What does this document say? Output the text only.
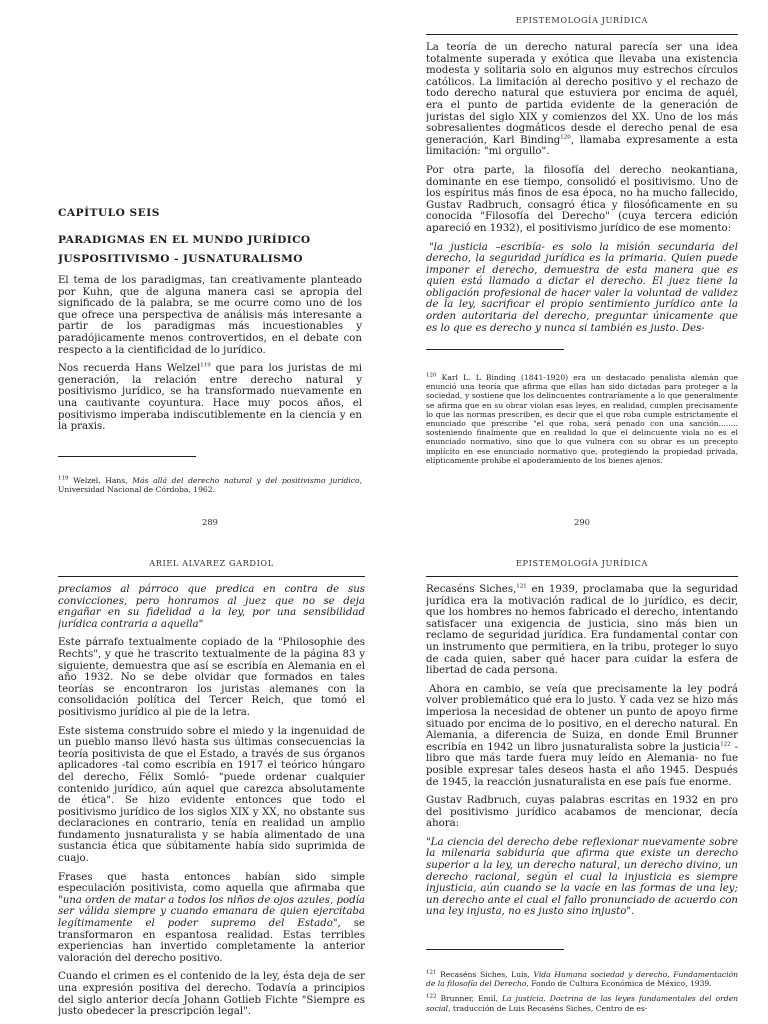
CAPÍTULO SEIS

PARADIGMAS EN EL MUNDO JURÍDICO

JUSPOSITIVISMO - JUSNATURALISMO

El tema de los paradigmas, tan creativamente planteado por Kuhn, que de alguna manera casi se apropia del significado de la palabra, se me ocurre como uno de los que ofrece una perspectiva de análisis más interesante a partir de los paradigmas más incuestionables y paradójicamente menos controvertidos, en el debate con respecto a la cientificidad de lo jurídico.

Nos recuerda Hans Welzel$^{119}$ que para los juristas de mi generación, la relación entre derecho natural y positivismo jurídico, se ha transformado nuevamente en una cautivante coyuntura. Hace muy pocos años, el positivismo imperaba indiscutiblemente en la ciencia y en la praxis.

$^{119}$ Welzel, Hans, Más allá del derecho natural y del positivismo jurídico, Universidad Nacional de Córdoba, 1962.

289
EPISTEMOLOGÍA JURÍDICA

La teoría de un derecho natural parecía ser una idea totalmente superada y exótica que llevaba una existencia modesta y solitaria solo en algunos muy estrechos círculos católicos. La limitación al derecho positivo y el rechazo de todo derecho natural que estuviera por encima de aquél, era el punto de partida evidente de la generación de juristas del siglo XIX y comienzos del XX. Uno de los más sobresalientes dogmáticos desde el derecho penal de esa generación, Karl Binding$^{120}$, llamaba expresamente a esta limitación: "mi orgullo".

Por otra parte, la filosofía del derecho neokantiana, dominante en ese tiempo, consolidó el positivismo. Uno de los espíritus más finos de esa época, no ha mucho fallecido, Gustav Radbruch, consagró ética y filosóficamente en su conocida "Filosofía del Derecho" (cuya tercera edición apareció en 1932), el positivismo jurídico de ese momento:

"la justicia –escribía- es solo la misión secundaria del derecho, la seguridad jurídica es la primaria. Quien puede imponer el derecho, demuestra de esta manera que es quien está llamado a dictar el derecho. El juez tiene la obligación profesional de hacer valer la voluntad de validez de la ley, sacrificar el propio sentimiento jurídico ante la orden autoritaria del derecho, preguntar únicamente que es lo que es derecho y nunca si también es justo. Des-

$^{120}$ Karl L. L Binding (1841-1920) era un destacado penalista alemán que enunció una teoría que afirma que ellas han sido dictadas para proteger a la sociedad, y sostiene que los delincuentes contraríamente a lo que generalmente se afirma que en su obrar violan esas leyes, en realidad, cumplen precisamente lo que las normas prescriben, es decir que el que roba cumple estrictamente el enunciado que prescribe "el que roba, será penado con una sanción........ sosteniendo finalmente que en realidad lo que el delincuente viola no es el enunciado normativo, sino que lo que vulnera con su obrar es un precepto implícito en ese enunciado normativo que, protegiendo la propiedad privada, elípticamente prohíbe el apoderamiento de los bienes ajenos.

290
ARIEL ALVAREZ GARDIOL

preciamos al párroco que predica en contra de sus convicciones, pero honramos al juez que no se deja engañar en su fidelidad a la ley, por una sensibilidad jurídica contraria a aquella"

Este párrafo textualmente copiado de la "Philosophie des Rechts", y que he trascrito textualmente de la página 83 y siguiente, demuestra que así se escribía en Alemania en el año 1932. No se debe olvidar que formados en tales teorías se encontraron los juristas alemanes con la consolidación política del Tercer Reich, que tomó el positivismo jurídico al pie de la letra.

Este sistema construido sobre el miedo y la ingenuidad de un pueblo manso llevó hasta sus últimas consecuencias la teoría positivista de que el Estado, a través de sus órganos aplicadores -tal como escribía en 1917 el teórico húngaro del derecho, Félix Somló- "puede ordenar cualquier contenido jurídico, aún aquel que carezca absolutamente de ética". Se hizo evidente entonces que todo el positivismo jurídico de los siglos XIX y XX, no obstante sus declaraciones en contrario, tenía en realidad un amplio fundamento jusnaturalista y se había alimentado de una sustancia ética que súbitamente había sido suprimida de cuajo.

Frases que hasta entonces habían sido simple especulación positivista, como aquella que afirmaba que "una orden de matar a todos los niños de ojos azules, podía ser válida siempre y cuando emanara de quien ejercitaba legítimamente el poder supremo del Estado", se transformaron en espantosa realidad. Estas terribles experiencias han invertido completamente la anterior valoración del derecho positivo.

Cuando el crimen es el contenido de la ley, ésta deja de ser una expresión positiva del derecho. Todavía a principios del siglo anterior decía Johann Gotlieb Fichte "Siempre es justo obedecer la prescripción legal".

EPISTEMOLOGÍA JURÍDICA

Recaséns Siches,$^{121}$ en 1939, proclamaba que la seguridad jurídica era la motivación radical de lo jurídico, es decir, que los hombres no hemos fabricado el derecho, intentando satisfacer una exigencia de justicia, sino más bien un reclamo de seguridad jurídica. Era fundamental contar con un instrumento que permitiera, en la tribu, proteger lo suyo de cada quien, saber qué hacer para cuidar la esfera de libertad de cada persona.

Ahora en cambio, se veía que precisamente la ley podrá volver problemático qué era lo justo. Y cada vez se hizo más imperiosa la necesidad de obtener un punto de apoyo firme situado por encima de lo positivo, en el derecho natural. En Alemania, a diferencia de Suiza, en donde Emil Brunner escribía en 1942 un libro jusnaturalista sobre la justicia$^{122}$ - libro que más tarde fuera muy leído en Alemania- no fue posible expresar tales deseos hasta el año 1945. Después de 1945, la reacción jusnaturalista en ese país fue enorme.

Gustav Radbruch, cuyas palabras escritas en 1932 en pro del positivismo jurídico acabamos de mencionar, decía ahora:

"La ciencia del derecho debe reflexionar nuevamente sobre la milenaria sabiduría que afirma que existe un derecho superior a la ley, un derecho natural, un derecho divino, un derecho racional, según el cual la injusticia es siempre injusticia, aún cuando se la vacíe en las formas de una ley; un derecho ante el cual el fallo pronunciado de acuerdo con una ley injusta, no es justo sino injusto".

$^{121}$ Recaséns Siches, Luis, Vida Humana sociedad y derecho, Fundamentación de la filosofía del Derecho, Fondo de Cultura Económica de México, 1939.

$^{122}$ Brunner, Emil, La justicia. Doctrina de las leyes fundamentales del orden social, traducción de Luis Recaséns Siches, Centro de es-
